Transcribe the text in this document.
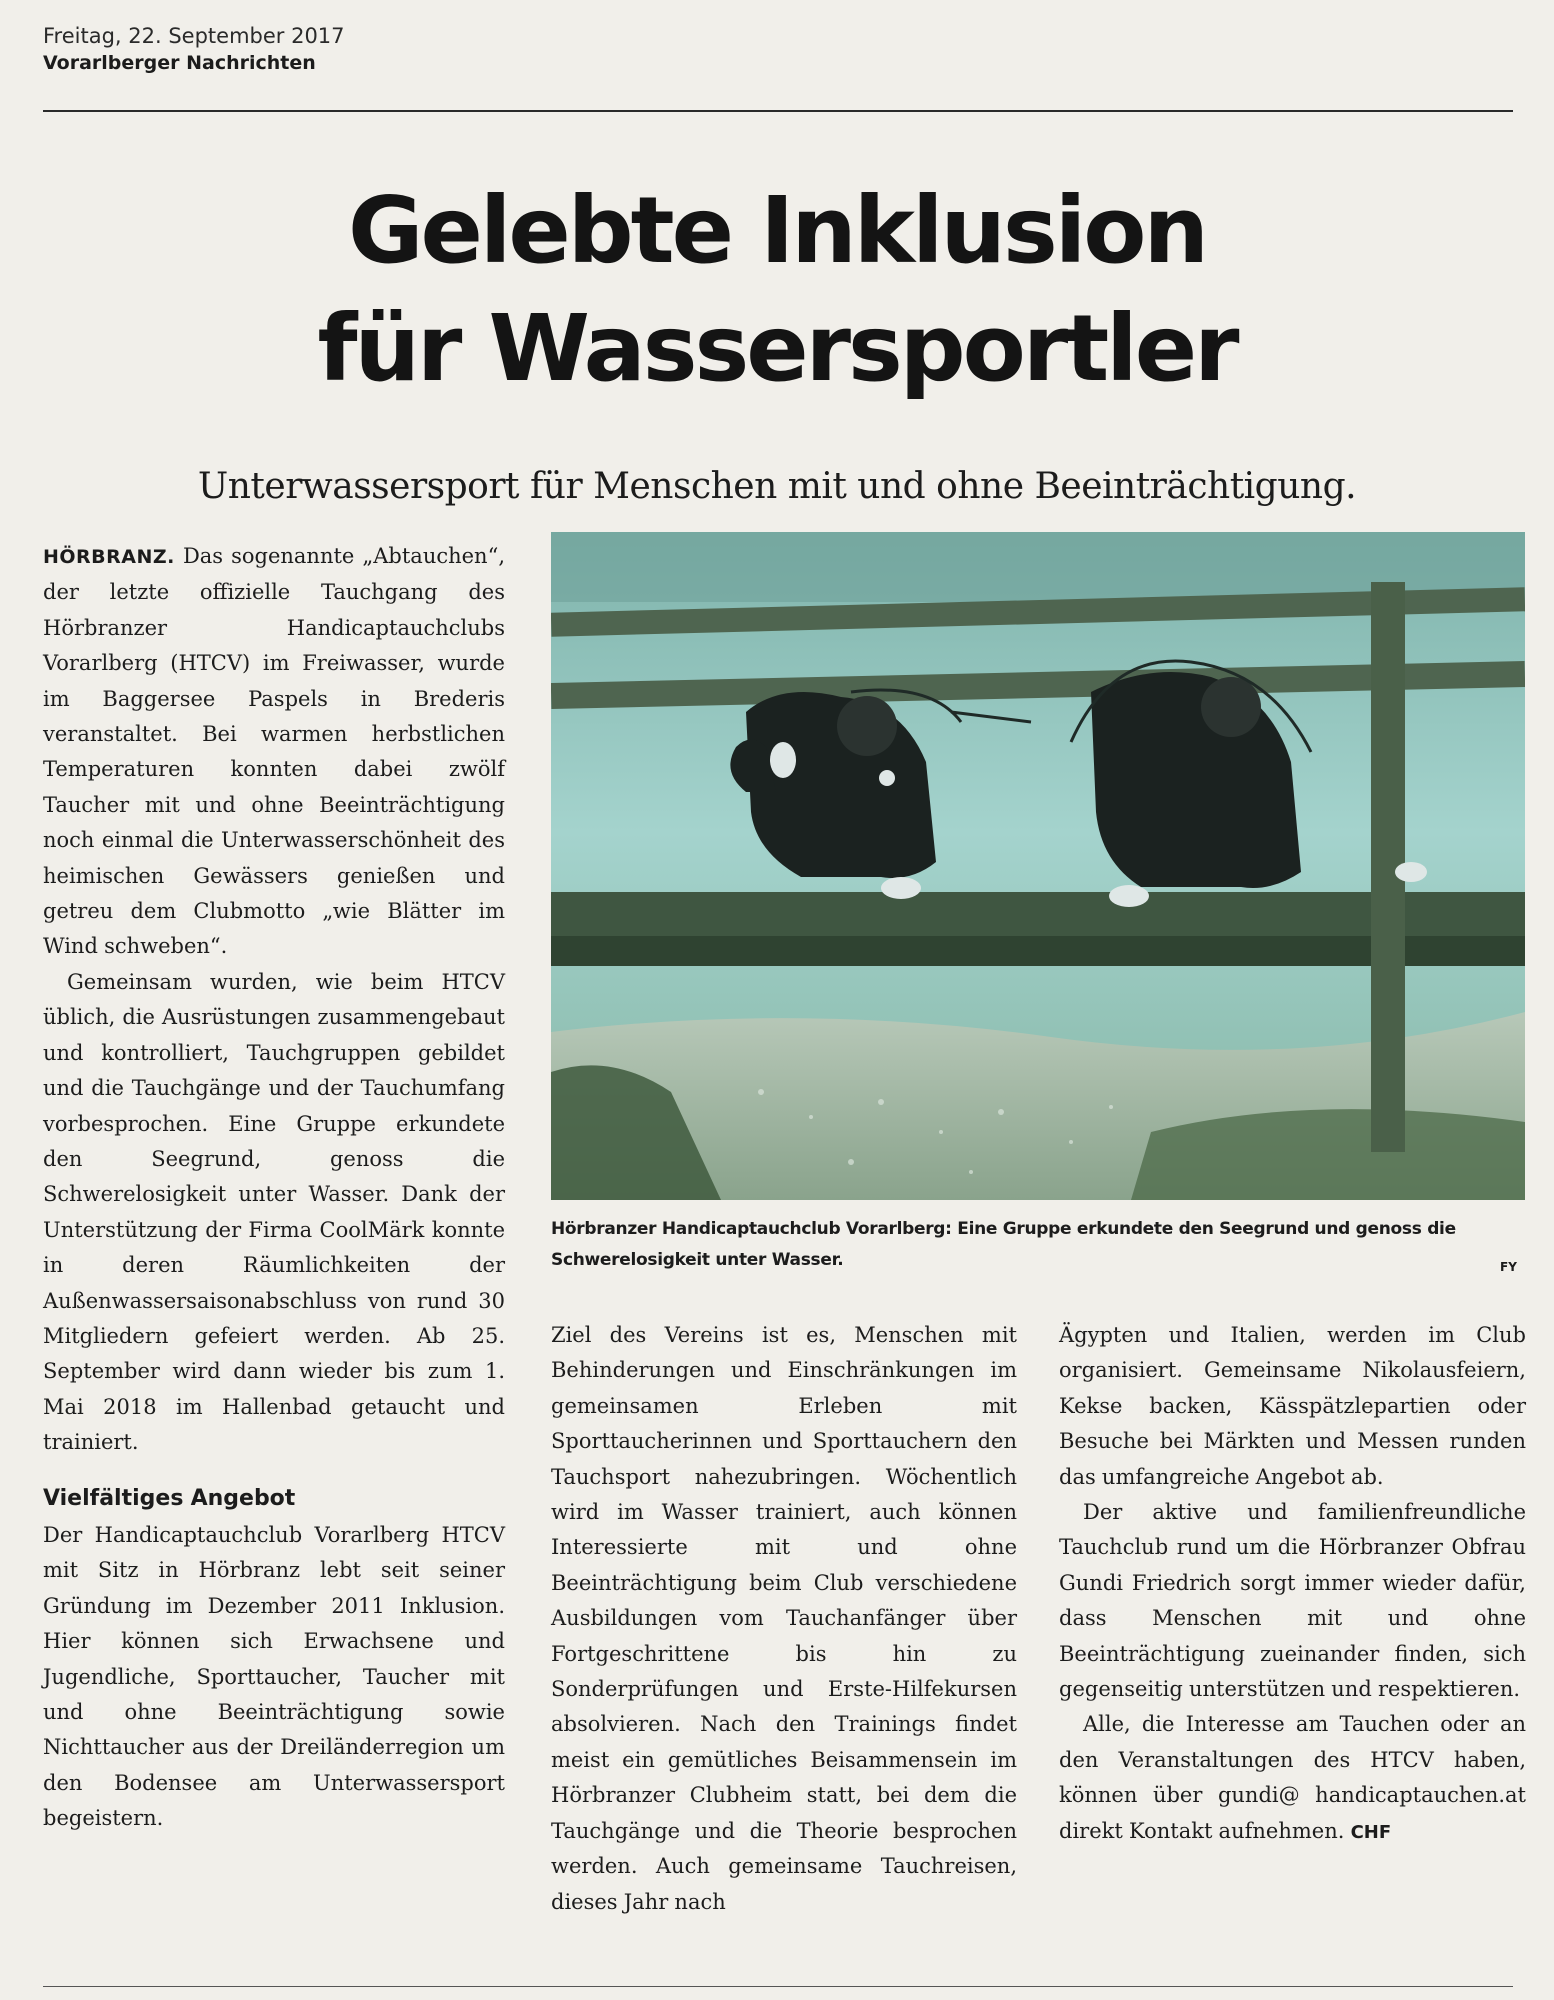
Freitag, 22. September 2017
Vorarlberger Nachrichten
Gelebte Inklusion
für Wassersportler
Unterwassersport für Menschen mit und ohne Beeinträchtigung.

HÖRBRANZ. Das sogenannte „Abtauchen“, der letzte offizielle Tauchgang des Hörbranzer Handicaptauchclubs Vorarlberg (HTCV) im Freiwasser, wurde im Baggersee Paspels in Brederis veranstaltet. Bei warmen herbstlichen Temperaturen konnten dabei zwölf Taucher mit und ohne Beeinträchtigung noch einmal die Unterwasserschönheit des heimischen Gewässers genießen und getreu dem Clubmotto „wie Blätter im Wind schweben“.

Gemeinsam wurden, wie beim HTCV üblich, die Ausrüstungen zusammengebaut und kontrolliert, Tauchgruppen gebildet und die Tauchgänge und der Tauchumfang vorbesprochen. Eine Gruppe erkundete den Seegrund, genoss die Schwerelosigkeit unter Wasser. Dank der Unterstützung der Firma CoolMärk konnte in deren Räumlichkeiten der Außenwassersaisonabschluss von rund 30 Mitgliedern gefeiert werden. Ab 25. September wird dann wieder bis zum 1. Mai 2018 im Hallenbad getaucht und trainiert.

Vielfältiges Angebot

Der Handicaptauchclub Vorarlberg HTCV mit Sitz in Hörbranz lebt seit seiner Gründung im Dezember 2011 Inklusion. Hier können sich Erwachsene und Jugendliche, Sporttaucher, Taucher mit und ohne Beeinträchtigung sowie Nichttaucher aus der Dreiländerregion um den Bodensee am Unterwassersport begeistern.

Hörbranzer Handicaptauchclub Vorarlberg: Eine Gruppe erkundete den Seegrund und genoss die Schwerelosigkeit unter Wasser.	FY

Ziel des Vereins ist es, Menschen mit Behinderungen und Einschränkungen im gemeinsamen Erleben mit Sporttaucherinnen und Sporttauchern den Tauchsport nahezubringen. Wöchentlich wird im Wasser trainiert, auch können Interessierte mit und ohne Beeinträchtigung beim Club verschiedene Ausbildungen vom Tauchanfänger über Fortgeschrittene bis hin zu Sonderprüfungen und Erste-Hilfekursen absolvieren. Nach den Trainings findet meist ein gemütliches Beisammensein im Hörbranzer Clubheim statt, bei dem die Tauchgänge und die Theorie besprochen werden. Auch gemeinsame Tauchreisen, dieses Jahr nach

Ägypten und Italien, werden im Club organisiert. Gemeinsame Nikolausfeiern, Kekse backen, Kässpätzlepartien oder Besuche bei Märkten und Messen runden das umfangreiche Angebot ab.

Der aktive und familienfreundliche Tauchclub rund um die Hörbranzer Obfrau Gundi Friedrich sorgt immer wieder dafür, dass Menschen mit und ohne Beeinträchtigung zueinander finden, sich gegenseitig unterstützen und respektieren.

Alle, die Interesse am Tauchen oder an den Veranstaltungen des HTCV haben, können über gundi@ handicaptauchen.at direkt Kontakt aufnehmen. CHF
